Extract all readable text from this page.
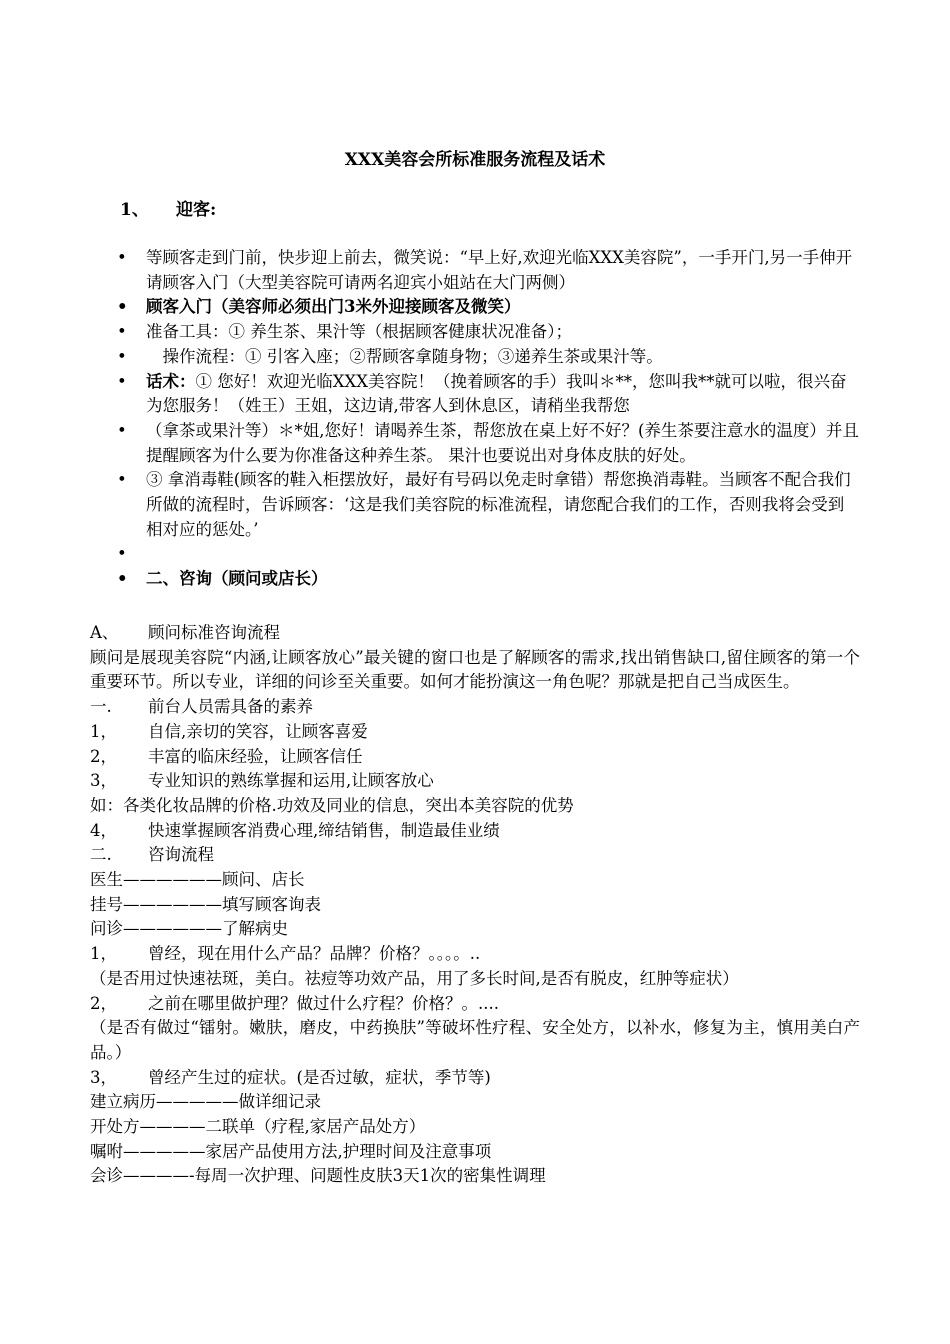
XXX美容会所标准服务流程及话术
1、 迎客:
•	等顾客走到门前，快步迎上前去，微笑说：“早上好,欢迎光临XXX美容院”，一手开门,另一手伸开请顾客入门（大型美容院可请两名迎宾小姐站在大门两侧）
•	顾客入门（美容师必须出门3米外迎接顾客及微笑）
•	准备工具：① 养生茶、果汁等（根据顾客健康状况准备）；
•	　操作流程：① 引客入座；②帮顾客拿随身物；③递养生茶或果汁等。
•	话术：① 您好！欢迎光临XXX美容院！（挽着顾客的手）我叫＊**，您叫我**就可以啦，很兴奋为您服务！（姓王）王姐，这边请,带客人到休息区，请稍坐我帮您
•	（拿茶或果汁等）＊*姐,您好！请喝养生茶，帮您放在桌上好不好？(养生茶要注意水的温度）并且提醒顾客为什么要为你准备这种养生茶。 果汁也要说出对身体皮肤的好处。
•	③ 拿消毒鞋(顾客的鞋入柜摆放好，最好有号码以免走时拿错）帮您换消毒鞋。当顾客不配合我们所做的流程时，告诉顾客：‘这是我们美容院的标准流程，请您配合我们的工作，否则我将会受到相对应的惩处。’
•
•	二、咨询（顾问或店长）
A、 顾问标准咨询流程
顾问是展现美容院“内涵,让顾客放心”最关键的窗口也是了解顾客的需求,找出销售缺口,留住顾客的第一个重要环节。所以专业，详细的问诊至关重要。如何才能扮演这一角色呢？那就是把自己当成医生。
一. 前台人员需具备的素养
1， 自信,亲切的笑容，让顾客喜爱
2， 丰富的临床经验，让顾客信任
3， 专业知识的熟练掌握和运用,让顾客放心
如：各类化妆品牌的价格.功效及同业的信息，突出本美容院的优势
4， 快速掌握顾客消费心理,缔结销售，制造最佳业绩
二. 咨询流程
医生——————顾问、店长
挂号——————填写顾客询表
问诊——————了解病史
1， 曾经，现在用什么产品？品牌？价格？。。。。..
（是否用过快速祛斑，美白。祛痘等功效产品，用了多长时间,是否有脱皮，红肿等症状）
2， 之前在哪里做护理？做过什么疗程？价格？。....
（是否有做过“镭射。嫩肤，磨皮，中药换肤”等破坏性疗程、安全处方，以补水，修复为主，慎用美白产品。）
3， 曾经产生过的症状。(是否过敏，症状，季节等)
建立病历—————做详细记录
开处方————二联单（疗程,家居产品处方）
嘱咐—————家居产品使用方法,护理时间及注意事项
会诊————-每周一次护理、问题性皮肤3天1次的密集性调理
